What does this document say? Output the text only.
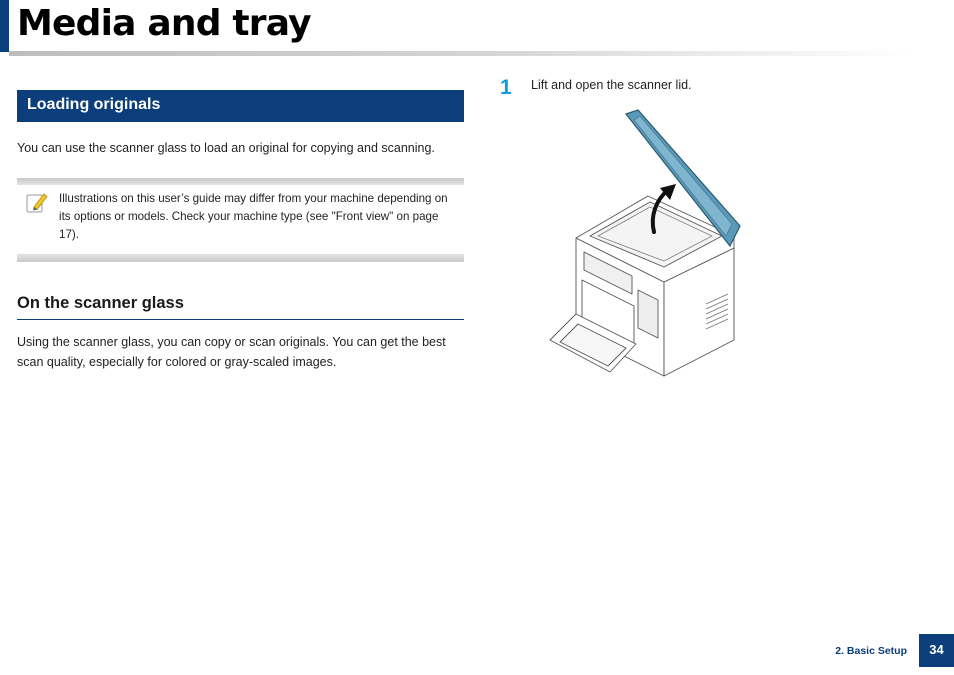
Media and tray
Loading originals

You can use the scanner glass to load an original for copying and scanning.

Illustrations on this user’s guide may differ from your machine depending on its options or models. Check your machine type (see "Front view" on page 17).

On the scanner glass

Using the scanner glass, you can copy or scan originals. You can get the best scan quality, especially for colored or gray-scaled images.

1 Lift and open the scanner lid.

2. Basic Setup	34
